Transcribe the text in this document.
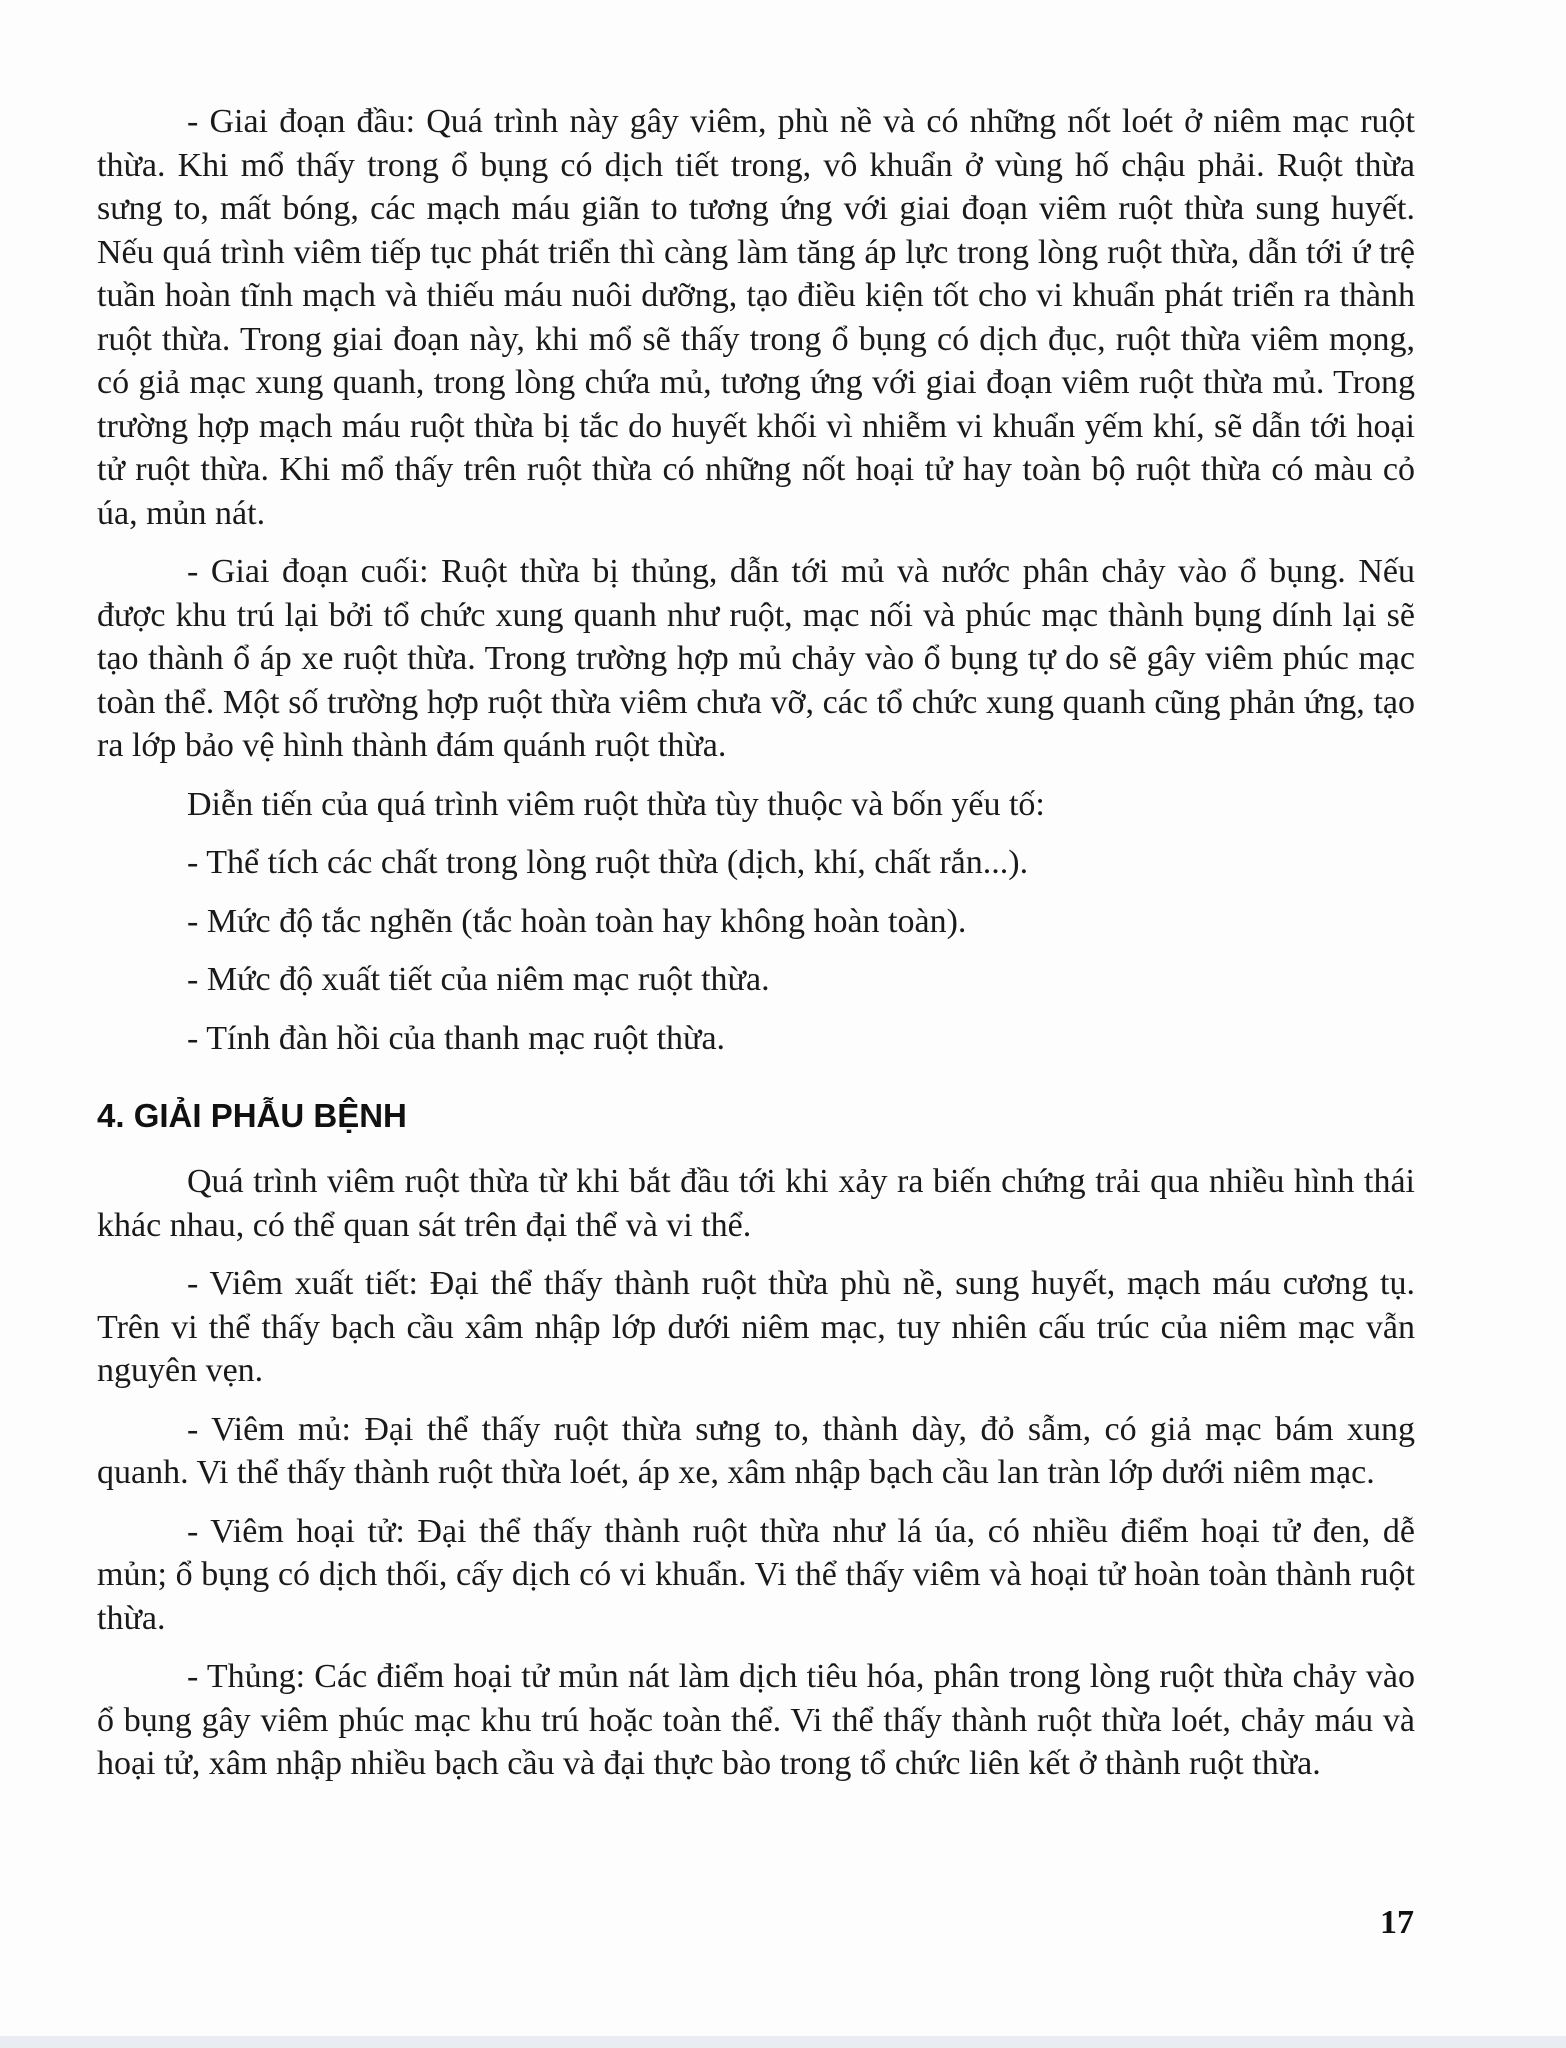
- Giai đoạn đầu: Quá trình này gây viêm, phù nề và có những nốt loét ở niêm mạc ruột thừa. Khi mổ thấy trong ổ bụng có dịch tiết trong, vô khuẩn ở vùng hố chậu phải. Ruột thừa sưng to, mất bóng, các mạch máu giãn to tương ứng với giai đoạn viêm ruột thừa sung huyết. Nếu quá trình viêm tiếp tục phát triển thì càng làm tăng áp lực trong lòng ruột thừa, dẫn tới ứ trệ tuần hoàn tĩnh mạch và thiếu máu nuôi dưỡng, tạo điều kiện tốt cho vi khuẩn phát triển ra thành ruột thừa. Trong giai đoạn này, khi mổ sẽ thấy trong ổ bụng có dịch đục, ruột thừa viêm mọng, có giả mạc xung quanh, trong lòng chứa mủ, tương ứng với giai đoạn viêm ruột thừa mủ. Trong trường hợp mạch máu ruột thừa bị tắc do huyết khối vì nhiễm vi khuẩn yếm khí, sẽ dẫn tới hoại tử ruột thừa. Khi mổ thấy trên ruột thừa có những nốt hoại tử hay toàn bộ ruột thừa có màu cỏ úa, mủn nát.

- Giai đoạn cuối: Ruột thừa bị thủng, dẫn tới mủ và nước phân chảy vào ổ bụng. Nếu được khu trú lại bởi tổ chức xung quanh như ruột, mạc nối và phúc mạc thành bụng dính lại sẽ tạo thành ổ áp xe ruột thừa. Trong trường hợp mủ chảy vào ổ bụng tự do sẽ gây viêm phúc mạc toàn thể. Một số trường hợp ruột thừa viêm chưa vỡ, các tổ chức xung quanh cũng phản ứng, tạo ra lớp bảo vệ hình thành đám quánh ruột thừa.

Diễn tiến của quá trình viêm ruột thừa tùy thuộc và bốn yếu tố:

- Thể tích các chất trong lòng ruột thừa (dịch, khí, chất rắn...).

- Mức độ tắc nghẽn (tắc hoàn toàn hay không hoàn toàn).

- Mức độ xuất tiết của niêm mạc ruột thừa.

- Tính đàn hồi của thanh mạc ruột thừa.

4. GIẢI PHẪU BỆNH

Quá trình viêm ruột thừa từ khi bắt đầu tới khi xảy ra biến chứng trải qua nhiều hình thái khác nhau, có thể quan sát trên đại thể và vi thể.

- Viêm xuất tiết: Đại thể thấy thành ruột thừa phù nề, sung huyết, mạch máu cương tụ. Trên vi thể thấy bạch cầu xâm nhập lớp dưới niêm mạc, tuy nhiên cấu trúc của niêm mạc vẫn nguyên vẹn.

- Viêm mủ: Đại thể thấy ruột thừa sưng to, thành dày, đỏ sẫm, có giả mạc bám xung quanh. Vi thể thấy thành ruột thừa loét, áp xe, xâm nhập bạch cầu lan tràn lớp dưới niêm mạc.

- Viêm hoại tử: Đại thể thấy thành ruột thừa như lá úa, có nhiều điểm hoại tử đen, dễ mủn; ổ bụng có dịch thối, cấy dịch có vi khuẩn. Vi thể thấy viêm và hoại tử hoàn toàn thành ruột thừa.

- Thủng: Các điểm hoại tử mủn nát làm dịch tiêu hóa, phân trong lòng ruột thừa chảy vào ổ bụng gây viêm phúc mạc khu trú hoặc toàn thể. Vi thể thấy thành ruột thừa loét, chảy máu và hoại tử, xâm nhập nhiều bạch cầu và đại thực bào trong tổ chức liên kết ở thành ruột thừa.

17
